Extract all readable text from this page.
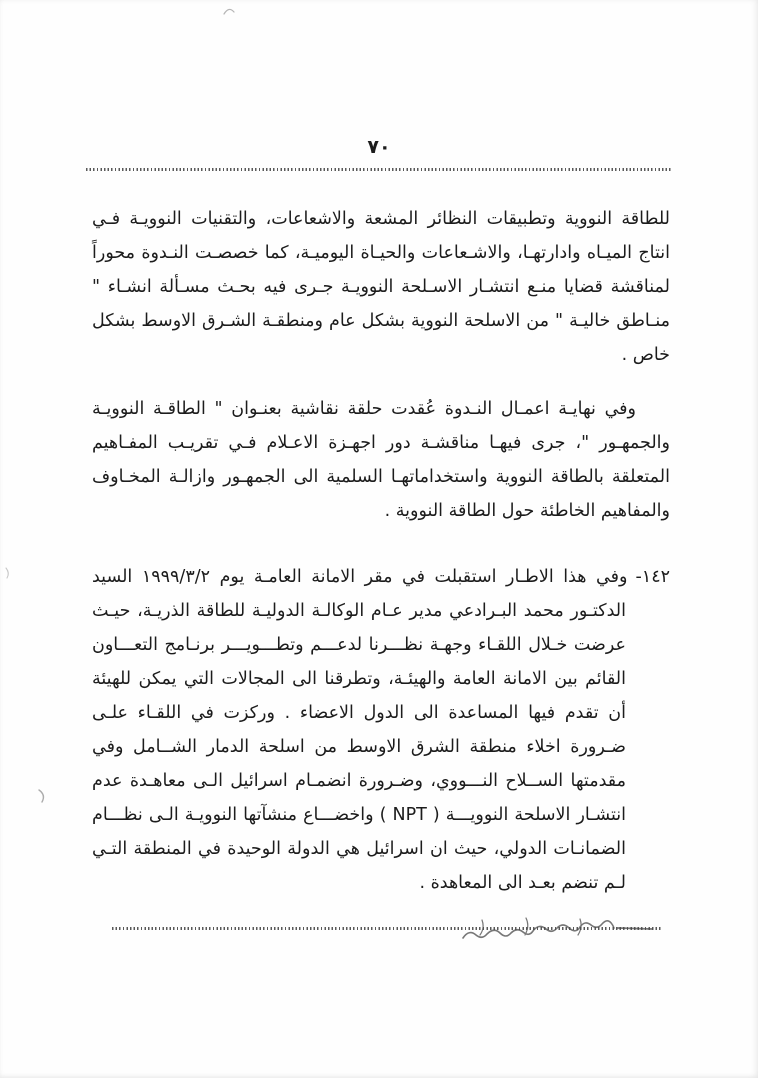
٧٠

للطاقة النووية وتطبيقات النظائر المشعة والاشعاعات، والتقنيات النوويـة فـي انتاج الميـاه وادارتهـا، والاشـعاعات والحيـاة اليوميـة، كما خصصـت النـدوة محوراً لمناقشة قضايا منـع انتشـار الاسـلحة النوويـة جـرى فيه بحـث مسـألة انشـاء " منـاطق خاليـة " من الاسلحة النووية بشكل عام ومنطقـة الشـرق الاوسط بشكل خاص .

وفي نهايـة اعمـال النـدوة عُقدت حلقة نقاشية بعنـوان " الطاقـة النوويـة والجمهـور "، جرى فيهـا مناقشـة دور اجهـزة الاعـلام فـي تقريـب المفـاهيم المتعلقة بالطاقة النووية واستخداماتهـا السلمية الى الجمهـور وازالـة المخـاوف والمفاهيم الخاطئة حول الطاقة النووية .

١٤٢-وفي هذا الاطـار استقبلت في مقر الامانة العامـة يوم ١٩٩٩/٣/٢ السيد الدكتـور محمد البـرادعي مدير عـام الوكالـة الدوليـة للطاقة الذريـة، حيـث عرضت خـلال اللقـاء وجهـة نظـــرنا لدعـــم وتطـــويـــر برنـامج التعـــاون القائم بين الامانة العامة والهيئـة، وتطرقنا الى المجالات التي يمكن للهيئة أن تقدم فيها المساعدة الى الدول الاعضاء . وركزت في اللقـاء علـى ضـرورة اخلاء منطقة الشرق الاوسط من اسلحة الدمار الشــامل وفي مقدمتها الســلاح النـــووي، وضـرورة انضمـام اسرائيل الـى معاهـدة عدم انتشـار الاسلحة النوويـــة ( NPT ) واخضـــاع منشآتها النوويـة الـى نظـــام الضمانـات الدولي، حيث ان اسرائيل هي الدولة الوحيدة في المنطقة التـي لـم تنضم بعـد الى المعاهدة .
